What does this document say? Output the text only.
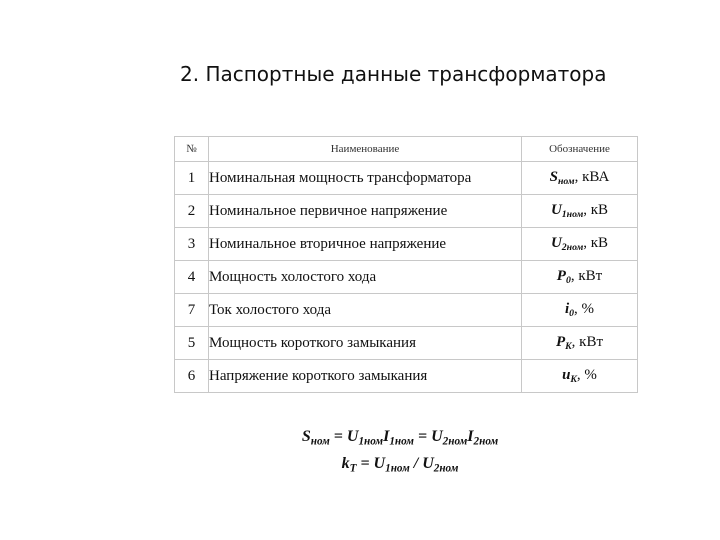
2. Паспортные данные трансформатора
№	Наименование	Обозначение
1	Номинальная мощность трансформатора	$S_{ном}$, кВА
2	Номинальное первичное напряжение	$U_{1ном}$, кВ
3	Номинальное вторичное напряжение	$U_{2ном}$, кВ
4	Мощность холостого хода	$P_0$, кВт
7	Ток холостого хода	$i_0$, %
5	Мощность короткого замыкания	$P_K$, кВт
6	Напряжение короткого замыкания	$u_K$, %
$S_{ном} = U_{1ном}I_{1ном} = U_{2ном}I_{2ном}$
$k_T = U_{1ном} / U_{2ном}$
